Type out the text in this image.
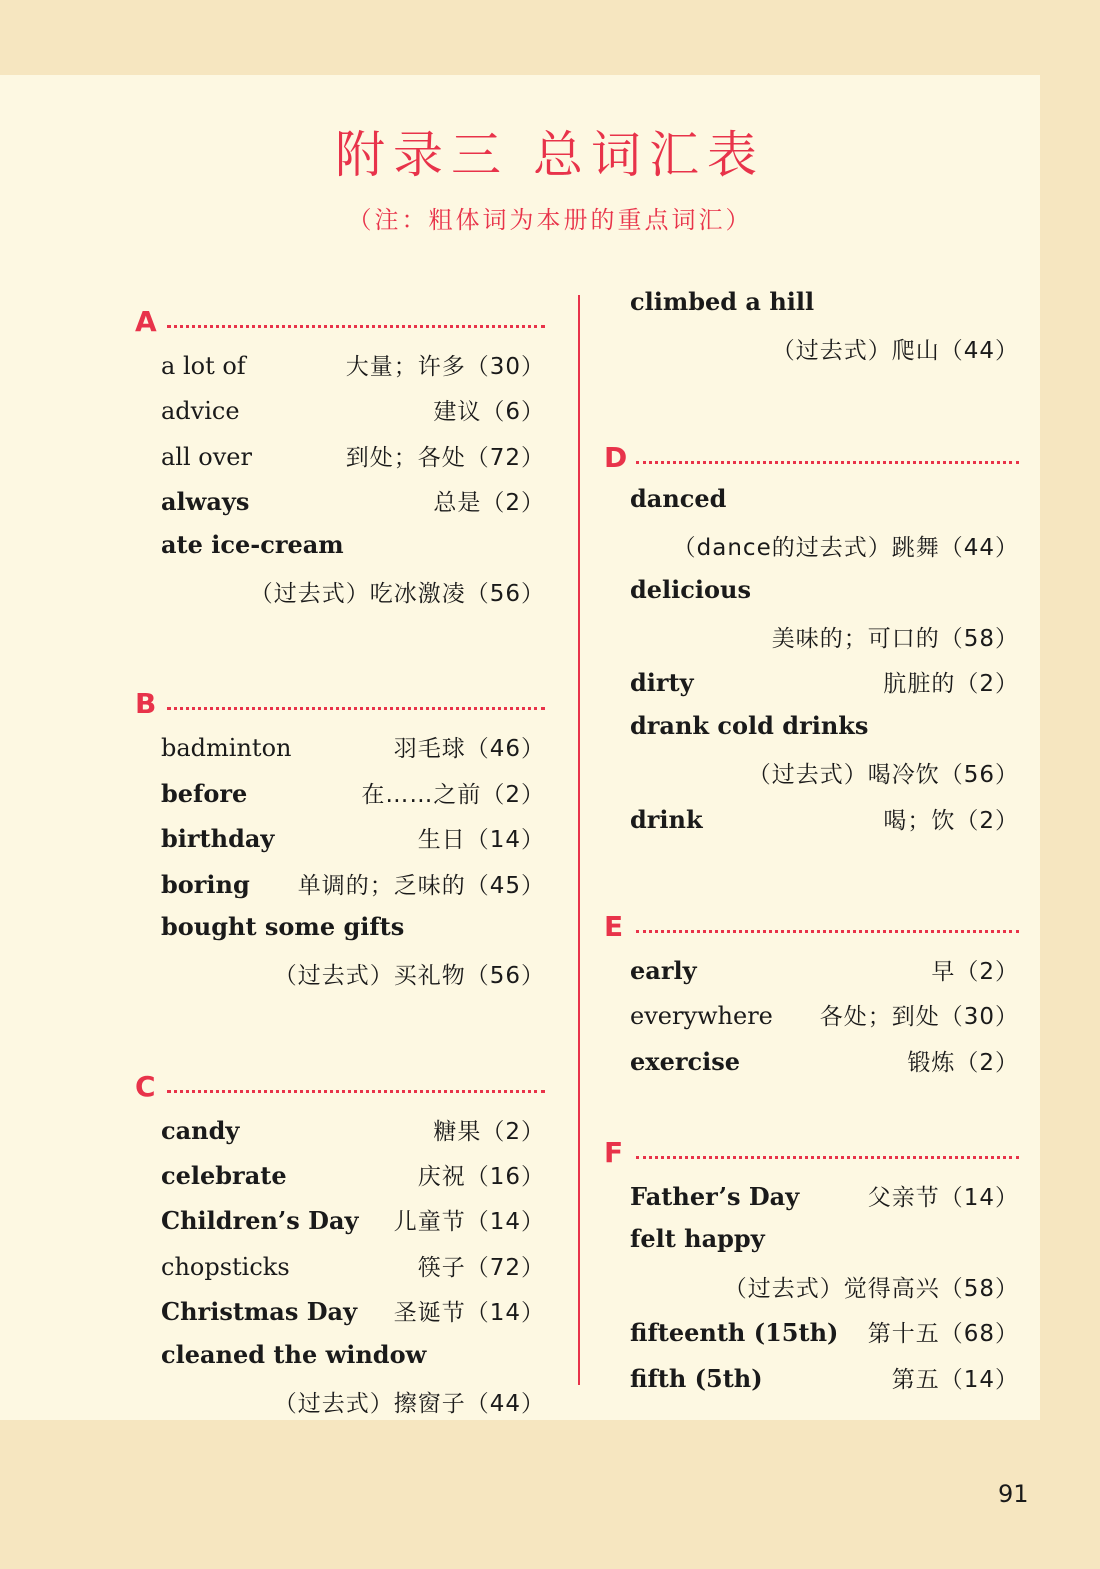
附录三 总词汇表
（注：粗体词为本册的重点词汇）
A
a lot of	大量；许多（30）
advice	建议（6）
all over	到处；各处（72）
always	总是（2）
ate ice-cream
（过去式）吃冰激凌（56）
B
badminton	羽毛球（46）
before	在……之前（2）
birthday	生日（14）
boring 单调的；乏味的（45）
bought some gifts
（过去式）买礼物（56）
C
candy	糖果（2）
celebrate	庆祝（16）
Children’s Day 儿童节（14）
chopsticks	筷子（72）
Christmas Day 圣诞节（14）
cleaned the window
（过去式）擦窗子（44）
climbed a hill
（过去式）爬山（44）
D
danced
（dance的过去式）跳舞（44）
delicious
美味的；可口的（58）
dirty	肮脏的（2）
drank cold drinks
（过去式）喝冷饮（56）
drink	喝；饮（2）
E
early	早（2）
everywhere 各处；到处（30）
exercise	锻炼（2）
F
Father’s Day	父亲节（14）
felt happy
（过去式）觉得高兴（58）
fifteenth (15th) 第十五（68）
fifth (5th)	第五（14）
91
